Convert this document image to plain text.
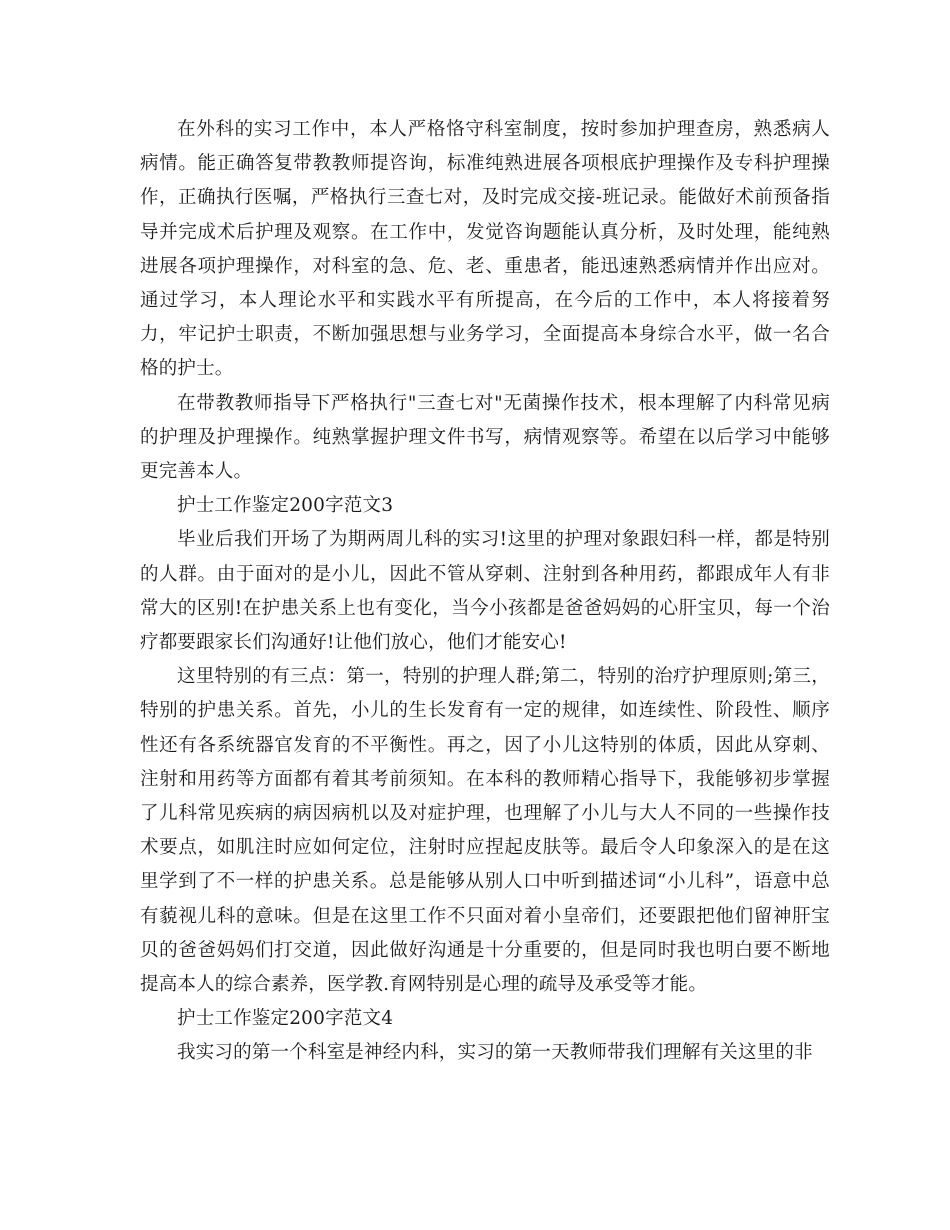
在外科的实习工作中，本人严格恪守科室制度，按时参加护理查房，熟悉病人病情。能正确答复带教教师提咨询，标准纯熟进展各项根底护理操作及专科护理操作，正确执行医嘱，严格执行三查七对，及时完成交接-班记录。能做好术前预备指导并完成术后护理及观察。在工作中，发觉咨询题能认真分析，及时处理，能纯熟进展各项护理操作，对科室的急、危、老、重患者，能迅速熟悉病情并作出应对。通过学习，本人理论水平和实践水平有所提高，在今后的工作中，本人将接着努力，牢记护士职责，不断加强思想与业务学习，全面提高本身综合水平，做一名合格的护士。

在带教教师指导下严格执行"三查七对"无菌操作技术，根本理解了内科常见病的护理及护理操作。纯熟掌握护理文件书写，病情观察等。希望在以后学习中能够更完善本人。

护士工作鉴定200字范文3

毕业后我们开场了为期两周儿科的实习!这里的护理对象跟妇科一样，都是特别的人群。由于面对的是小儿，因此不管从穿刺、注射到各种用药，都跟成年人有非常大的区别!在护患关系上也有变化，当今小孩都是爸爸妈妈的心肝宝贝，每一个治疗都要跟家长们沟通好!让他们放心，他们才能安心!

这里特别的有三点：第一，特别的护理人群;第二，特别的治疗护理原则;第三，特别的护患关系。首先，小儿的生长发育有一定的规律，如连续性、阶段性、顺序性还有各系统器官发育的不平衡性。再之，因了小儿这特别的体质，因此从穿刺、注射和用药等方面都有着其考前须知。在本科的教师精心指导下，我能够初步掌握了儿科常见疾病的病因病机以及对症护理，也理解了小儿与大人不同的一些操作技术要点，如肌注时应如何定位，注射时应捏起皮肤等。最后令人印象深入的是在这里学到了不一样的护患关系。总是能够从别人口中听到描述词“小儿科”，语意中总有藐视儿科的意味。但是在这里工作不只面对着小皇帝们，还要跟把他们留神肝宝贝的爸爸妈妈们打交道，因此做好沟通是十分重要的，但是同时我也明白要不断地提高本人的综合素养，医学教.育网特别是心理的疏导及承受等才能。

护士工作鉴定200字范文4

我实习的第一个科室是神经内科，实习的第一天教师带我们理解有关这里的非
